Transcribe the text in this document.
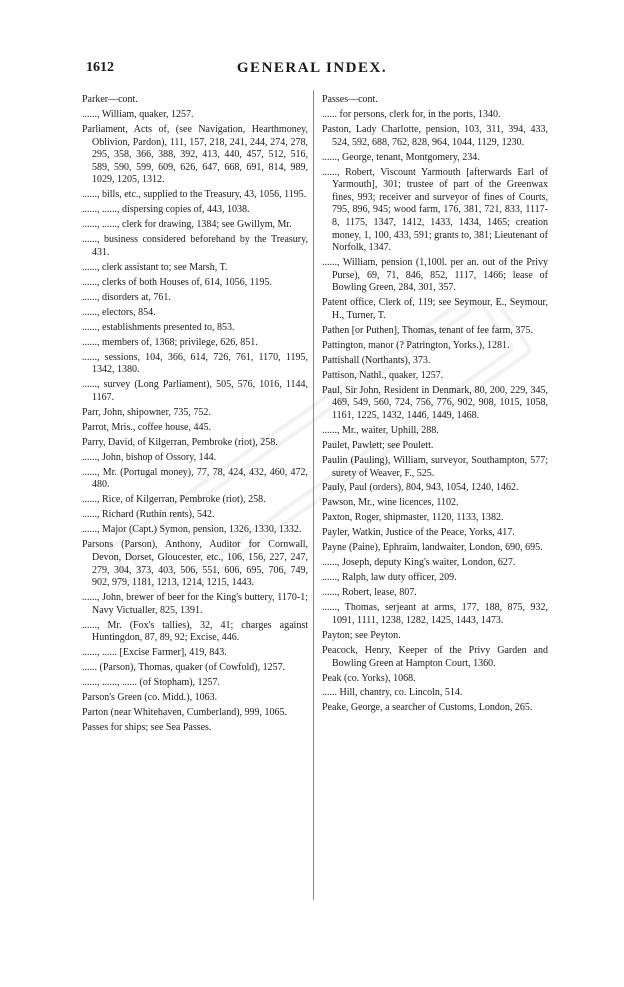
1612	GENERAL INDEX.

Parker—cont.

......, William, quaker, 1257.

Parliament, Acts of, (see Navigation, Hearthmoney, Oblivion, Pardon), 111, 157, 218, 241, 244, 274, 278, 295, 358, 366, 388, 392, 413, 440, 457, 512, 516, 589, 590, 599, 609, 626, 647, 668, 691, 814, 989, 1029, 1205, 1312.

......, bills, etc., supplied to the Treasury, 43, 1056, 1195.

......, ......, dispersing copies of, 443, 1038.

......, ......, clerk for drawing, 1384; see Gwillym, Mr.

......, business considered beforehand by the Treasury, 431.

......, clerk assistant to; see Marsh, T.

......, clerks of both Houses of, 614, 1056, 1195.

......, disorders at, 761.

......, electors, 854.

......, establishments presented to, 853.

......, members of, 1368; privilege, 626, 851.

......, sessions, 104, 366, 614, 726, 761, 1170, 1195, 1342, 1380.

......, survey (Long Parliament), 505, 576, 1016, 1144, 1167.

Parr, John, shipowner, 735, 752.

Parrot, Mris., coffee house, 445.

Parry, David, of Kilgerran, Pembroke (riot), 258.

......, John, bishop of Ossory, 144.

......, Mr. (Portugal money), 77, 78, 424, 432, 460, 472, 480.

......, Rice, of Kilgerran, Pembroke (riot), 258.

......, Richard (Ruthin rents), 542.

......, Major (Capt.) Symon, pension, 1326, 1330, 1332.

Parsons (Parson), Anthony, Auditor for Cornwall, Devon, Dorset, Gloucester, etc., 106, 156, 227, 247, 279, 304, 373, 403, 506, 551, 606, 695, 706, 749, 902, 979, 1181, 1213, 1214, 1215, 1443.

......, John, brewer of beer for the King's buttery, 1170-1; Navy Victualler, 825, 1391.

......, Mr. (Fox's tallies), 32, 41; charges against Huntingdon, 87, 89, 92; Excise, 446.

......, ...... [Excise Farmer], 419, 843.

...... (Parson), Thomas, quaker (of Cowfold), 1257.

......, ......, ...... (of Stopham), 1257.

Parson's Green (co. Midd.), 1063.

Parton (near Whitehaven, Cumberland), 999, 1065.

Passes for ships; see Sea Passes.

Passes—cont.

...... for persons, clerk for, in the ports, 1340.

Paston, Lady Charlotte, pension, 103, 311, 394, 433, 524, 592, 688, 762, 828, 964, 1044, 1129, 1230.

......, George, tenant, Montgomery, 234.

......, Robert, Viscount Yarmouth [afterwards Earl of Yarmouth], 301; trustee of part of the Greenwax fines, 993; receiver and surveyor of fines of Courts, 795, 896, 945; wood farm, 176, 381, 721, 833, 1117-8, 1175, 1347, 1412, 1433, 1434, 1465; creation money, 1, 100, 433, 591; grants to, 381; Lieutenant of Norfolk, 1347.

......, William, pension (1,100l. per an. out of the Privy Purse), 69, 71, 846, 852, 1117, 1466; lease of Bowling Green, 284, 301, 357.

Patent office, Clerk of, 119; see Seymour, E., Seymour, H., Turner, T.

Pathen [or Puthen], Thomas, tenant of fee farm, 375.

Pattington, manor (? Patrington, Yorks.), 1281.

Pattishall (Northants), 373.

Pattison, Nathl., quaker, 1257.

Paul, Sir John, Resident in Denmark, 80, 200, 229, 345, 469, 549, 560, 724, 756, 776, 902, 908, 1015, 1058, 1161, 1225, 1432, 1446, 1449, 1468.

......, Mr., waiter, Uphill, 288.

Paulet, Pawlett; see Poulett.

Paulin (Pauling), William, surveyor, Southampton, 577; surety of Weaver, F., 525.

Pauly, Paul (orders), 804, 943, 1054, 1240, 1462.

Pawson, Mr., wine licences, 1102.

Paxton, Roger, shipmaster, 1120, 1133, 1382.

Payler, Watkin, Justice of the Peace, Yorks, 417.

Payne (Paine), Ephraim, landwaiter, London, 690, 695.

......, Joseph, deputy King's waiter, London, 627.

......, Ralph, law duty officer, 209.

......, Robert, lease, 807.

......, Thomas, serjeant at arms, 177, 188, 875, 932, 1091, 1111, 1238, 1282, 1425, 1443, 1473.

Payton; see Peyton.

Peacock, Henry, Keeper of the Privy Garden and Bowling Green at Hampton Court, 1360.

Peak (co. Yorks), 1068.

...... Hill, chantry, co. Lincoln, 514.

Peake, George, a searcher of Customs, London, 265.
